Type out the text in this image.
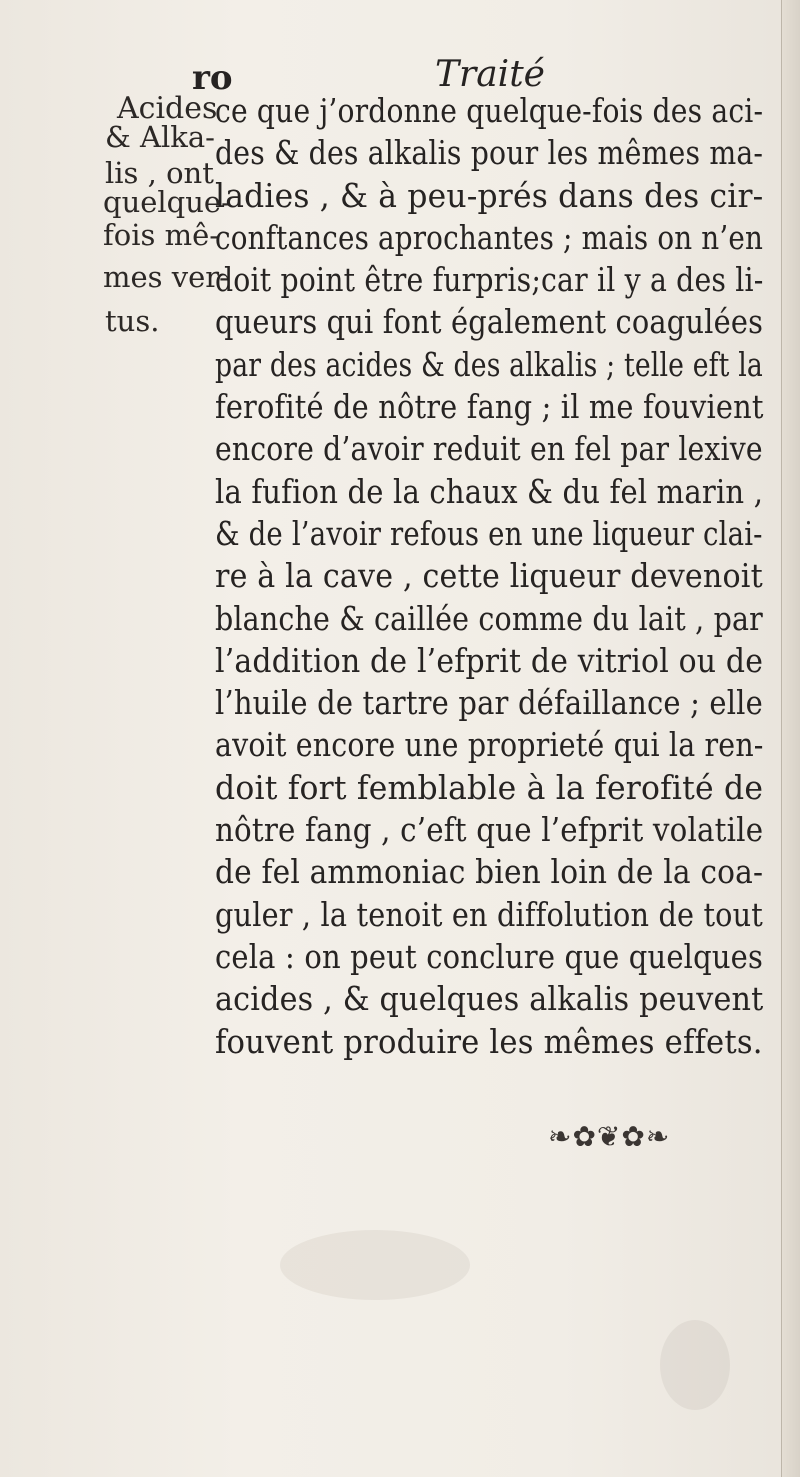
ro	Traité
Acides
& Alka-
lis , ont
quelque-
fois mê-
mes ver-
tus.
ce que j’ordonne quelque-fois des aci-
des & des alkalis pour les mêmes ma-
ladies , & à peu-prés dans des cir-
conftances aprochantes ; mais on n’en
doit point être furpris;car il y a des li-
queurs qui font également coagulées
par des acides & des alkalis ; telle eft la
ferofité de nôtre fang ; il me fouvient
encore d’avoir reduit en fel par lexive
la fufion de la chaux & du fel marin ,
& de l’avoir refous en une liqueur clai-
re à la cave , cette liqueur devenoit
blanche & caillée comme du lait , par
l’addition de l’efprit de vitriol ou de
l’huile de tartre par défaillance ; elle
avoit encore une proprieté qui la ren-
doit fort femblable à la ferofité de
nôtre fang , c’eft que l’efprit volatile
de fel ammoniac bien loin de la coa-
guler , la tenoit en diffolution de tout
cela : on peut conclure que quelques
acides , & quelques alkalis peuvent
fouvent produire les mêmes effets.
❧✿❦✿❧
